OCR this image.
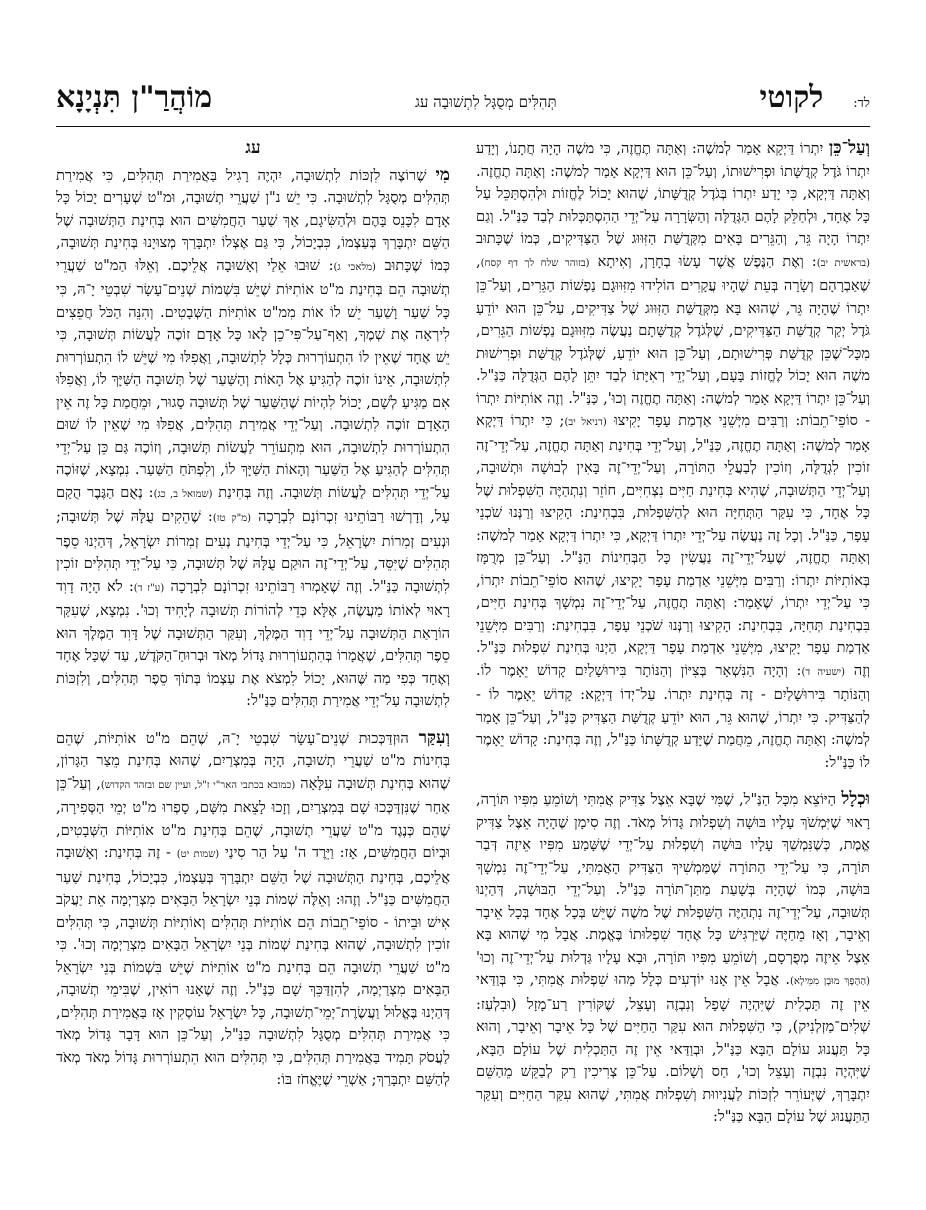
לד:
לקוטי
תְּהִלִּים מְסֻגָּל לִתְשׁוּבָה עג
מוֹהֲרַ"ן תִּנְיָנָא

וְעַל־כֵּן יִתְרוֹ דַּיְקָא אָמַר לְמשֶׁה: וְאַתָּה תֶחֱזֶה, כִּי משֶׁה הָיָה חֲתָנוֹ, וְיָדַע יִתְרוֹ גֹּדֶל קְדֻשָּׁתוֹ וּפְרִישׁוּתוֹ, וְעַל־כֵּן הוּא דַּיְקָא אָמַר לְמשֶׁה: וְאַתָּה תֶחֱזֶה. וְאַתָּה דַּיְקָא, כִּי יָדַע יִתְרוֹ בְּגֹדֶל קְדֻשָּׁתוֹ, שֶׁהוּא יָכוֹל לֶחֱזוֹת וּלְהִסְתַּכֵּל עַל כָּל אֶחָד, וּלְחַלֵּק לָהֶם הַגְּדֻלָּה וְהַשְּׂרָרָה עַל־יְדֵי הַהִסְתַּכְּלוּת לְבַד כַּנַּ"ל. וְגַם יִתְרוֹ הָיָה גֵּר, וְהַגֵּרִים בָּאִים מִקְּדֻשַּׁת הַזִּוּוּג שֶׁל הַצַּדִּיקִים, כְּמוֹ שֶׁכָּתוּב (בראשית יב): וְאֶת הַנֶּפֶשׁ אֲשֶׁר עָשׂוּ בְחָרָן, וְאִיתָא (בזוהר שלח לך דף קסח), שֶׁאַבְרָהָם וְשָׂרָה בְּעֵת שֶׁהָיוּ עֲקָרִים הוֹלִידוּ מִזִּוּוּגָם נַפְשׁוֹת הַגֵּרִים, וְעַל־כֵּן יִתְרוֹ שֶׁהָיָה גֵּר, שֶׁהוּא בָּא מִקְּדֻשַּׁת הַזִּוּוּג שֶׁל צַדִּיקִים, עַל־כֵּן הוּא יוֹדֵעַ גֹּדֶל יְקַר קְדֻשַּׁת הַצַּדִּיקִים, שֶׁלְּגֹדֶל קְדֻשָּׁתָם נַעֲשֶׂה מִזִּוּוּגָם נַפְשׁוֹת הַגֵּרִים, מִכָּל־שֶׁכֵּן קְדֻשַּׁת פְּרִישׁוּתָם, וְעַל־כֵּן הוּא יוֹדֵעַ, שֶׁלְּגֹדֶל קְדֻשַּׁת וּפְרִישׁוּת משֶׁה הוּא יָכוֹל לֶחֱזוֹת בָּעָם, וְעַל־יְדֵי רְאִיָּתוֹ לְבַד יִתֵּן לָהֶם הַגְּדֻלָּה כַּנַּ"ל. וְעַל־כֵּן יִתְרוֹ דַּיְקָא אָמַר לְמשֶׁה: וְאַתָּה תֶחֱזֶה וְכוּ', כַּנַּ"ל. וְזֶה אוֹתִיּוֹת יִתְרוֹ - סוֹפֵי־תֵבוֹת: וְרַבִּים מִיְּשֵׁנֵי אַדְמַת עָפָר יָקִיצוּ (דניאל יב); כִּי יִתְרוֹ דַּיְקָא אָמַר לְמשֶׁה: וְאַתָּה תֶחֱזֶה, כַּנַּ"ל, וְעַל־יְדֵי בְּחִינַת וְאַתָּה תֶחֱזֶה, עַל־יְדֵי־זֶה זוֹכִין לִגְדֻלָּה, וְזוֹכִין לְבַעֲלֵי הַתּוֹרָה, וְעַל־יְדֵי־זֶה בָּאִין לְבוּשָׁה וּתְשׁוּבָה, וְעַל־יְדֵי הַתְּשׁוּבָה, שֶׁהִיא בְּחִינַת חַיִּים נִצְחִיִּים, חוֹזֵר וְנִתְהַיֶּה הַשִּׁפְלוּת שֶׁל כָּל אֶחָד, כִּי עִקַּר הַתְּחִיָּה הוּא לְהַשִּׁפְלוּת, בִּבְחִינַת: הָקִיצוּ וְרַנְּנוּ שֹׁכְנֵי עָפָר, כַּנַּ"ל. וְכָל זֶה נַעֲשֶׂה עַל־יְדֵי יִתְרוֹ דַּיְקָא, כִּי יִתְרוֹ דַּיְקָא אָמַר לְמשֶׁה: וְאַתָּה תֶחֱזֶה, שֶׁעַל־יְדֵי־זֶה נַעֲשִׂין כָּל הַבְּחִינוֹת הַנַּ"ל. וְעַל־כֵּן מְרֻמָּז בְּאוֹתִיּוֹת יִתְרוֹ: וְרַבִּים מִיְּשֵׁנֵי אַדְמַת עָפָר יָקִיצוּ, שֶׁהוּא סוֹפֵי־תֵבוֹת יִתְרוֹ, כִּי עַל־יְדֵי יִתְרוֹ, שֶׁאָמַר: וְאַתָּה תֶחֱזֶה, עַל־יְדֵי־זֶה נִמְשָׁךְ בְּחִינַת חַיִּים, בִּבְחִינַת תְּחִיָּה, בִּבְחִינַת: הָקִיצוּ וְרַנְּנוּ שֹׁכְנֵי עָפָר, בִּבְחִינַת: וְרַבִּים מִיְּשֵׁנֵי אַדְמַת עָפָר יָקִיצוּ, מִיְּשֵׁנֵי אַדְמַת עָפָר דַּיְקָא, הַיְנוּ בְּחִינַת שִׁפְלוּת כַּנַּ"ל. וְזֶה (ישעיה ד): וְהָיָה הַנִּשְׁאָר בְּצִיּוֹן וְהַנּוֹתָר בִּירוּשָׁלַיִם קָדוֹשׁ יֵאָמֶר לוֹ. וְהַנּוֹתָר בִּירוּשָׁלַיִם - זֶה בְּחִינַת יִתְרוֹ. עַל־יְדוֹ דַּיְקָא: קָדוֹשׁ יֵאָמֶר לוֹ - לְהַצַּדִּיק. כִּי יִתְרוֹ, שֶׁהוּא גֵּר, הוּא יוֹדֵעַ קְדֻשַּׁת הַצַּדִּיק כַּנַּ"ל, וְעַל־כֵּן אָמַר לְמשֶׁה: וְאַתָּה תֶחֱזֶה, מֵחֲמַת שֶׁיָּדַע קְדֻשָּׁתוֹ כַּנַּ"ל, וְזֶה בְּחִינַת: קָדוֹשׁ יֵאָמֶר לוֹ כַּנַּ"ל:

וּכְלָל הַיּוֹצֵא מִכָּל הַנַּ"ל, שֶׁמִּי שֶׁבָּא אֵצֶל צַדִּיק אֲמִתִּי וְשׁוֹמֵעַ מִפִּיו תּוֹרָה, רָאוּי שֶׁיִּמְשֹׁךְ עָלָיו בּוּשָׁה וְשִׁפְלוּת גָּדוֹל מְאֹד. וְזֶה סִימָן שֶׁהָיָה אֵצֶל צַדִּיק אֱמֶת, כְּשֶׁנִּמְשַׁךְ עָלָיו בּוּשָׁה וְשִׁפְלוּת עַל־יְדֵי שֶׁשָּׁמַע מִפִּיו אֵיזֶה דְּבַר תּוֹרָה, כִּי עַל־יְדֵי הַתּוֹרָה שֶׁמַּמְשִׁיךְ הַצַּדִּיק הָאֲמִתִּי, עַל־יְדֵי־זֶה נִמְשָׁךְ בּוּשָׁה, כְּמוֹ שֶׁהָיָה בְּשָׁעַת מַתַּן־תּוֹרָה כַּנַּ"ל. וְעַל־יְדֵי הַבּוּשָׁה, דְּהַיְנוּ תְּשׁוּבָה, עַל־יְדֵי־זֶה נִתְהַיֶּה הַשִּׁפְלוּת שֶׁל משֶׁה שֶׁיֵּשׁ בְּכָל אֶחָד בְּכָל אֵיבָר וְאֵיבָר, וְאָז מֵחַיֶּה שֶׁיַּרְגִּישׁ כָּל אֶחָד שִׁפְלוּתוֹ בֶּאֱמֶת. אֲבָל מִי שֶׁהוּא בָּא אֵצֶל אֵיזֶה מְפֻרְסָם, וְשׁוֹמֵעַ מִפִּיו תּוֹרָה, וּבָא עָלָיו גַּדְלוּת עַל־יְדֵי־זֶה וְכוּ' (הַהֶפֶךְ מוּבָן מִמֵּילָא). אֲבָל אֵין אָנוּ יוֹדְעִים כְּלָל מַהוּ שִׁפְלוּת אֲמִתִּי, כִּי בְּוַדַּאי אֵין זֶה תַּכְלִית שֶׁיִּהְיֶה שָׁפָל וְנִבְזֶה וְעָצֵל, שֶׁקּוֹרִין רַע־מָזָל (וּבִלְעַז: שְׁלִים־מַזְלְנִיק), כִּי הַשִּׁפְלוּת הוּא עִקַּר הַחַיִּים שֶׁל כָּל אֵיבָר וְאֵיבָר, וְהוּא כָּל תַּעֲנוּג עוֹלָם הַבָּא כַּנַּ"ל, וּבְוַדַּאי אֵין זֶה הַתַּכְלִית שֶׁל עוֹלָם הַבָּא, שֶׁיִּהְיֶה נִבְזֶה וְעָצֵל וְכוּ', חַס וְשָׁלוֹם. עַל־כֵּן צְרִיכִין רַק לְבַקֵּשׁ מֵהַשֵּׁם יִתְבָּרַךְ, שֶׁיְּעוֹרֵר לִזְכּוֹת לַעֲנִיווּת וְשִׁפְלוּת אֲמִתִּי, שֶׁהוּא עִקַּר הַחַיִּים וְעִקַּר הַתַּעֲנוּג שֶׁל עוֹלָם הַבָּא כַּנַּ"ל:

עג

מִי שֶׁרוֹצֶה לִזְכּוֹת לִתְשׁוּבָה, יִהְיֶה רָגִיל בַּאֲמִירַת תְּהִלִּים, כִּי אֲמִירַת תְּהִלִּים מְסֻגָּל לִתְשׁוּבָה. כִּי יֵשׁ נ"ן שַׁעֲרֵי תְשׁוּבָה, וּמ"ט שְׁעָרִים יָכוֹל כָּל אָדָם לִכָּנֵס בָּהֶם וּלְהַשִּׂיגָם, אַךְ שַׁעַר הַחֲמִשִּׁים הוּא בְּחִינַת הַתְּשׁוּבָה שֶׁל הַשֵּׁם יִתְבָּרַךְ בְּעַצְמוֹ, כִּבְיָכוֹל, כִּי גַּם אֶצְלוֹ יִתְבָּרַךְ מְצוּיָנוּ בְּחִינַת תְּשׁוּבָה, כְּמוֹ שֶׁכָּתוּב (מלאכי ג): שׁוּבוּ אֵלַי וְאָשׁוּבָה אֲלֵיכֶם. וְאֵלּוּ הַמ"ט שַׁעֲרֵי תְשׁוּבָה הֵם בְּחִינַת מ"ט אוֹתִיּוֹת שֶׁיֵּשׁ בִּשְׁמוֹת שְׁנֵים־עָשָׂר שִׁבְטֵי יָ־הּ, כִּי כָּל שַׁעַר וָשַׁעַר יֵשׁ לוֹ אוֹת מִמ"ט אוֹתִיּוֹת הַשְּׁבָטִים. וְהִנֵּה הַכֹּל חֲפֵצִים לִירְאָה אֶת שְׁמֶךָ, וְאַף־עַל־פִּי־כֵן לָאו כָּל אָדָם זוֹכֶה לַעֲשׂוֹת תְּשׁוּבָה, כִּי יֵשׁ אֶחָד שֶׁאֵין לוֹ הִתְעוֹרְרוּת כְּלָל לִתְשׁוּבָה, וַאֲפִלּוּ מִי שֶׁיֵּשׁ לוֹ הִתְעוֹרְרוּת לִתְשׁוּבָה, אֵינוֹ זוֹכֶה לְהַגִּיעַ אֶל הָאוֹת וְהַשַּׁעַר שֶׁל תְּשׁוּבָה הַשַּׁיָּךְ לוֹ, וַאֲפִלּוּ אִם מַגִּיעַ לְשָׁם, יָכוֹל לִהְיוֹת שֶׁהַשַּׁעַר שֶׁל תְּשׁוּבָה סָגוּר, וּמֵחֲמַת כָּל זֶה אֵין הָאָדָם זוֹכֶה לִתְשׁוּבָה. וְעַל־יְדֵי אֲמִירַת תְּהִלִּים, אֲפִלּוּ מִי שֶׁאֵין לוֹ שׁוּם הִתְעוֹרְרוּת לִתְשׁוּבָה, הוּא מִתְעוֹרֵר לַעֲשׂוֹת תְּשׁוּבָה, וְזוֹכֶה גַּם כֵּן עַל־יְדֵי תְּהִלִּים לְהַגִּיעַ אֶל הַשַּׁעַר וְהָאוֹת הַשַּׁיָּךְ לוֹ, וְלִפְתֹּחַ הַשַּׁעַר. נִמְצָא, שֶׁזּוֹכֶה עַל־יְדֵי תְּהִלִּים לַעֲשׂוֹת תְּשׁוּבָה. וְזֶה בְּחִינַת (שמואל ב, כג): נְאֻם הַגֶּבֶר הֻקַם עָל, וְדָרְשׁוּ רַבּוֹתֵינוּ זִכְרוֹנָם לִבְרָכָה (מ"ק טז): שֶׁהֵקִים עֻלָּהּ שֶׁל תְּשׁוּבָה; וּנְעִים זְמִרוֹת יִשְׂרָאֵל, כִּי עַל־יְדֵי בְּחִינַת נְעִים זְמִרוֹת יִשְׂרָאֵל, דְּהַיְנוּ סֵפֶר תְּהִלִּים שֶׁיִּסֵּד, עַל־יְדֵי־זֶה הוּקַם עֻלָּהּ שֶׁל תְּשׁוּבָה, כִּי עַל־יְדֵי תְּהִלִּים זוֹכִין לִתְשׁוּבָה כַּנַּ"ל. וְזֶה שֶׁאָמְרוּ רַבּוֹתֵינוּ זִכְרוֹנָם לִבְרָכָה (ע"ז ד): לֹא הָיָה דָוִד רָאוּי לְאוֹתוֹ מַעֲשֶׂה, אֶלָּא כְּדֵי לְהוֹרוֹת תְּשׁוּבָה לְיָחִיד וְכוּ'. נִמְצָא, שֶׁעִקַּר הוֹרָאַת הַתְּשׁוּבָה עַל־יְדֵי דָוִד הַמֶּלֶךְ, וְעִקַּר הַתְּשׁוּבָה שֶׁל דָּוִד הַמֶּלֶךְ הוּא סֵפֶר תְּהִלִּים, שֶׁאֲמָרוֹ בְּהִתְעוֹרְרוּת גָּדוֹל מְאֹד וּבְרוּחַ־הַקֹּדֶשׁ, עַד שֶׁכָּל אֶחָד וְאֶחָד כְּפִי מַה שֶּׁהוּא, יָכוֹל לִמְצֹא אֶת עַצְמוֹ בְּתוֹךְ סֵפֶר תְּהִלִּים, וְלִזְכּוֹת לִתְשׁוּבָה עַל־יְדֵי אֲמִירַת תְּהִלִּים כַּנַּ"ל:

וְעִקַּר הוּזְדַּכְּכוּת שְׁנֵים־עָשָׂר שִׁבְטֵי יָ־הּ, שֶׁהֵם מ"ט אוֹתִיּוֹת, שֶׁהֵם בְּחִינוֹת מ"ט שַׁעֲרֵי תְשׁוּבָה, הָיָה בְּמִצְרַיִם, שֶׁהוּא בְּחִינַת מֵצַר הַגָּרוֹן, שֶׁהוּא בְּחִינַת תְּשׁוּבָה עִלָּאָה (כמובא בכתבי האר"י ז"ל, ועיין שם ובזהר הקדוש), וְעַל־כֵּן אַחַר שֶׁנִּזְדַּכְּכוּ שָׁם בְּמִצְרַיִם, וְזָכוּ לָצֵאת מִשָּׁם, סָפְרוּ מ"ט יְמֵי הַסְּפִירָה, שֶׁהֵם כְּנֶגֶד מ"ט שַׁעֲרֵי תְשׁוּבָה, שֶׁהֵם בְּחִינַת מ"ט אוֹתִיּוֹת הַשְּׁבָטִים, וּבְיוֹם הַחֲמִשִּׁים, אָז: וַיֵּרֶד ה' עַל הַר סִינַי (שמות יט) - זֶה בְּחִינַת: וְאָשׁוּבָה אֲלֵיכֶם, בְּחִינַת הַתְּשׁוּבָה שֶׁל הַשֵּׁם יִתְבָּרַךְ בְּעַצְמוֹ, כִּבְיָכוֹל, בְּחִינַת שַׁעַר הַחֲמִשִּׁים כַּנַּ"ל. וְזֶהוּ: וְאֵלֶּה שְׁמוֹת בְּנֵי יִשְׂרָאֵל הַבָּאִים מִצְרַיְמָה אֵת יַעֲקֹב אִישׁ וּבֵיתוֹ - סוֹפֵי־תֵבוֹת הֵם אוֹתִיּוֹת תְּהִלִּים וְאוֹתִיּוֹת תְּשׁוּבָה, כִּי תְּהִלִּים זוֹכִין לִתְשׁוּבָה, שֶׁהוּא בְּחִינַת שְׁמוֹת בְּנֵי יִשְׂרָאֵל הַבָּאִים מִצְרַיְמָה וְכוּ'. כִּי מ"ט שַׁעֲרֵי תְשׁוּבָה הֵם בְּחִינַת מ"ט אוֹתִיּוֹת שֶׁיֵּשׁ בִּשְׁמוֹת בְּנֵי יִשְׂרָאֵל הַבָּאִים מִצְרַיְמָה, לְהִזְדַּכֵּךְ שָׁם כַּנַּ"ל. וְזֶה שֶׁאָנוּ רוֹאִין, שֶׁבִּימֵי תְשׁוּבָה, דְּהַיְנוּ בֶּאֱלוּל וַעֲשֶׂרֶת־יְמֵי־תְשׁוּבָה, כָּל יִשְׂרָאֵל עוֹסְקִין אָז בַּאֲמִירַת תְּהִלִּים, כִּי אֲמִירַת תְּהִלִּים מְסֻגָּל לִתְשׁוּבָה כַּנַּ"ל, וְעַל־כֵּן הוּא דָּבָר גָּדוֹל מְאֹד לַעֲסֹק תָּמִיד בַּאֲמִירַת תְּהִלִּים, כִּי תְּהִלִּים הוּא הִתְעוֹרְרוּת גָּדוֹל מְאֹד מְאֹד לְהַשֵּׁם יִתְבָּרַךְ; אַשְׁרֵי שֶׁיֶּאֱחֹז בּוֹ:
